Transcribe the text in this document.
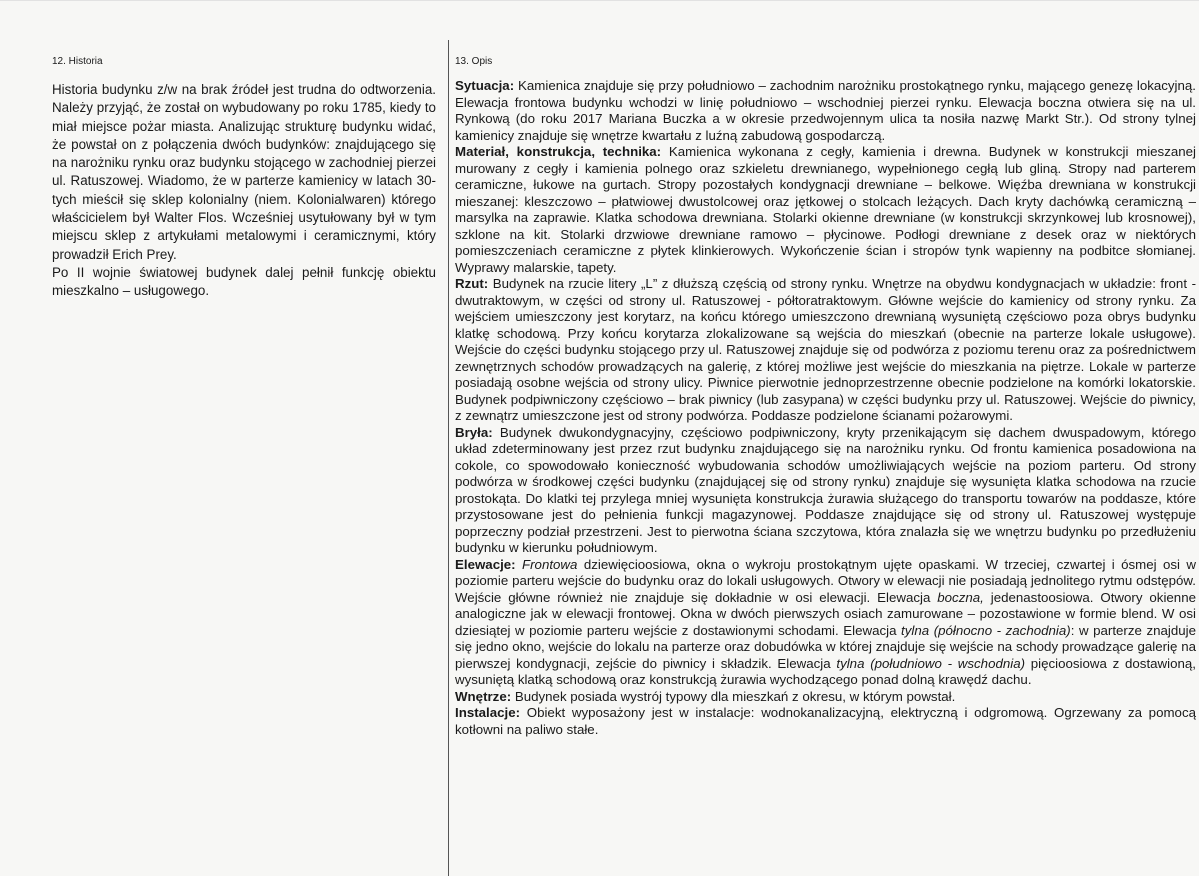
12. Historia

Historia budynku z/w na brak źródeł jest trudna do odtworzenia. Należy przyjąć, że został on wybudowany po roku 1785, kiedy to miał miejsce pożar miasta. Analizując strukturę budynku widać, że powstał on z połączenia dwóch budynków: znajdującego się na narożniku rynku oraz budynku stojącego w zachodniej pierzei ul. Ratuszowej. Wiadomo, że w parterze kamienicy w latach 30-tych mieścił się sklep kolonialny (niem. Kolonialwaren) którego właścicielem był Walter Flos. Wcześniej usytułowany był w tym miejscu sklep z artykułami metalowymi i ceramicznymi, który prowadził Erich Prey.

Po II wojnie światowej budynek dalej pełnił funkcję obiektu mieszkalno – usługowego.

13. Opis

Sytuacja: Kamienica znajduje się przy południowo – zachodnim narożniku prostokątnego rynku, mającego genezę lokacyjną. Elewacja frontowa budynku wchodzi w linię południowo – wschodniej pierzei rynku. Elewacja boczna otwiera się na ul. Rynkową (do roku 2017 Mariana Buczka a w okresie przedwojennym ulica ta nosiła nazwę Markt Str.). Od strony tylnej kamienicy znajduje się wnętrze kwartału z luźną zabudową gospodarczą.

Materiał, konstrukcja, technika: Kamienica wykonana z cegły, kamienia i drewna. Budynek w konstrukcji mieszanej murowany z cegły i kamienia polnego oraz szkieletu drewnianego, wypełnionego cegłą lub gliną. Stropy nad parterem ceramiczne, łukowe na gurtach. Stropy pozostałych kondygnacji drewniane – belkowe. Więźba drewniana w konstrukcji mieszanej: kleszczowo – płatwiowej dwustolcowej oraz jętkowej o stolcach leżących. Dach kryty dachówką ceramiczną – marsylka na zaprawie. Klatka schodowa drewniana. Stolarki okienne drewniane (w konstrukcji skrzynkowej lub krosnowej), szklone na kit. Stolarki drzwiowe drewniane ramowo – płycinowe. Podłogi drewniane z desek oraz w niektórych pomieszczeniach ceramiczne z płytek klinkierowych. Wykończenie ścian i stropów tynk wapienny na podbitce słomianej. Wyprawy malarskie, tapety.

Rzut: Budynek na rzucie litery „L” z dłuższą częścią od strony rynku. Wnętrze na obydwu kondygnacjach w układzie: front - dwutraktowym, w części od strony ul. Ratuszowej - półtoratraktowym. Główne wejście do kamienicy od strony rynku. Za wejściem umieszczony jest korytarz, na końcu którego umieszczono drewnianą wysuniętą częściowo poza obrys budynku klatkę schodową. Przy końcu korytarza zlokalizowane są wejścia do mieszkań (obecnie na parterze lokale usługowe). Wejście do części budynku stojącego przy ul. Ratuszowej znajduje się od podwórza z poziomu terenu oraz za pośrednictwem zewnętrznych schodów prowadzących na galerię, z której możliwe jest wejście do mieszkania na piętrze. Lokale w parterze posiadają osobne wejścia od strony ulicy. Piwnice pierwotnie jednoprzestrzenne obecnie podzielone na komórki lokatorskie. Budynek podpiwniczony częściowo – brak piwnicy (lub zasypana) w części budynku przy ul. Ratuszowej. Wejście do piwnicy, z zewnątrz umieszczone jest od strony podwórza. Poddasze podzielone ścianami pożarowymi.

Bryła: Budynek dwukondygnacyjny, częściowo podpiwniczony, kryty przenikającym się dachem dwuspadowym, którego układ zdeterminowany jest przez rzut budynku znajdującego się na narożniku rynku. Od frontu kamienica posadowiona na cokole, co spowodowało konieczność wybudowania schodów umożliwiających wejście na poziom parteru. Od strony podwórza w środkowej części budynku (znajdującej się od strony rynku) znajduje się wysunięta klatka schodowa na rzucie prostokąta. Do klatki tej przylega mniej wysunięta konstrukcja żurawia służącego do transportu towarów na poddasze, które przystosowane jest do pełnienia funkcji magazynowej. Poddasze znajdujące się od strony ul. Ratuszowej występuje poprzeczny podział przestrzeni. Jest to pierwotna ściana szczytowa, która znalazła się we wnętrzu budynku po przedłużeniu budynku w kierunku południowym.

Elewacje: Frontowa dziewięcioosiowa, okna o wykroju prostokątnym ujęte opaskami. W trzeciej, czwartej i ósmej osi w poziomie parteru wejście do budynku oraz do lokali usługowych. Otwory w elewacji nie posiadają jednolitego rytmu odstępów. Wejście główne również nie znajduje się dokładnie w osi elewacji. Elewacja boczna, jedenastoosiowa. Otwory okienne analogiczne jak w elewacji frontowej. Okna w dwóch pierwszych osiach zamurowane – pozostawione w formie blend. W osi dziesiątej w poziomie parteru wejście z dostawionymi schodami. Elewacja tylna (północno - zachodnia): w parterze znajduje się jedno okno, wejście do lokalu na parterze oraz dobudówka w której znajduje się wejście na schody prowadzące galerię na pierwszej kondygnacji, zejście do piwnicy i składzik. Elewacja tylna (południowo - wschodnia) pięcioosiowa z dostawioną, wysuniętą klatką schodową oraz konstrukcją żurawia wychodzącego ponad dolną krawędź dachu.

Wnętrze: Budynek posiada wystrój typowy dla mieszkań z okresu, w którym powstał.

Instalacje: Obiekt wyposażony jest w instalacje: wodnokanalizacyjną, elektryczną i odgromową. Ogrzewany za pomocą kotłowni na paliwo stałe.
